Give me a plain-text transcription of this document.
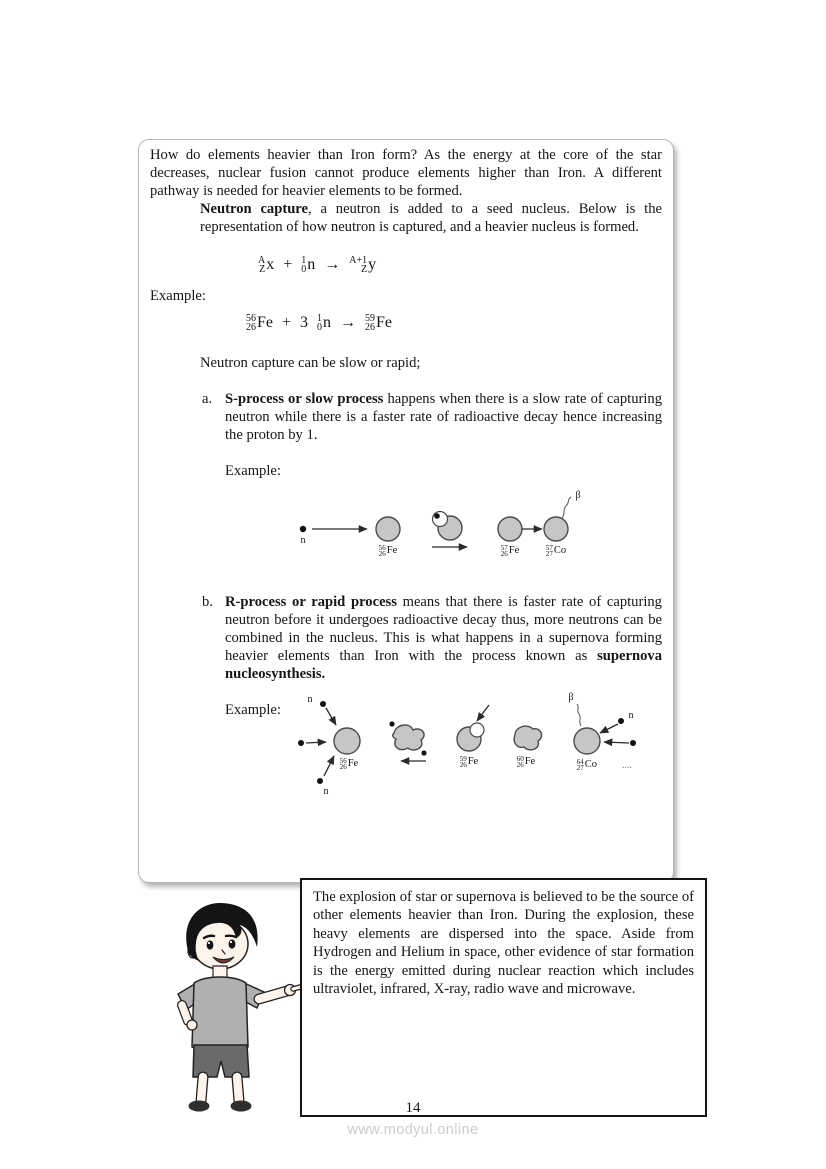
How do elements heavier than Iron form? As the energy at the core of the star decreases, nuclear fusion cannot produce elements higher than Iron. A different pathway is needed for heavier elements to be formed.

Neutron capture, a neutron is added to a seed nucleus. Below is the representation of how neutron is captured, and a heavier nucleus is formed.

A
Z x + 1
0 n → A+1
Z y

Example:

56
26 Fe + 3 1
0 n → 59
26 Fe

Neutron capture can be slow or rapid;

a. S-process or slow process happens when there is a slow rate of capturing neutron while there is a faster rate of radioactive decay hence increasing the proton by 1.

Example:

n
56
26 Fe	57
26 Fe	57
27 Co
β
b. R-process or rapid process means that there is faster rate of capturing neutron before it undergoes radioactive decay thus, more neutrons can be combined in the nucleus. This is what happens in a supernova forming heavier elements than Iron with the process known as supernova nucleosynthesis.

Example:

n
n
n
56
26 Fe	59
26 Fe	60
26 Fe	64
27 Co
β
....
The explosion of star or supernova is believed to be the source of other elements heavier than Iron. During the explosion, these heavy elements are dispersed into the space. Aside from Hydrogen and Helium in space, other evidence of star formation is the energy emitted during nuclear reaction which includes ultraviolet, infrared, X-ray, radio wave and microwave.
14
www.modyul.online
